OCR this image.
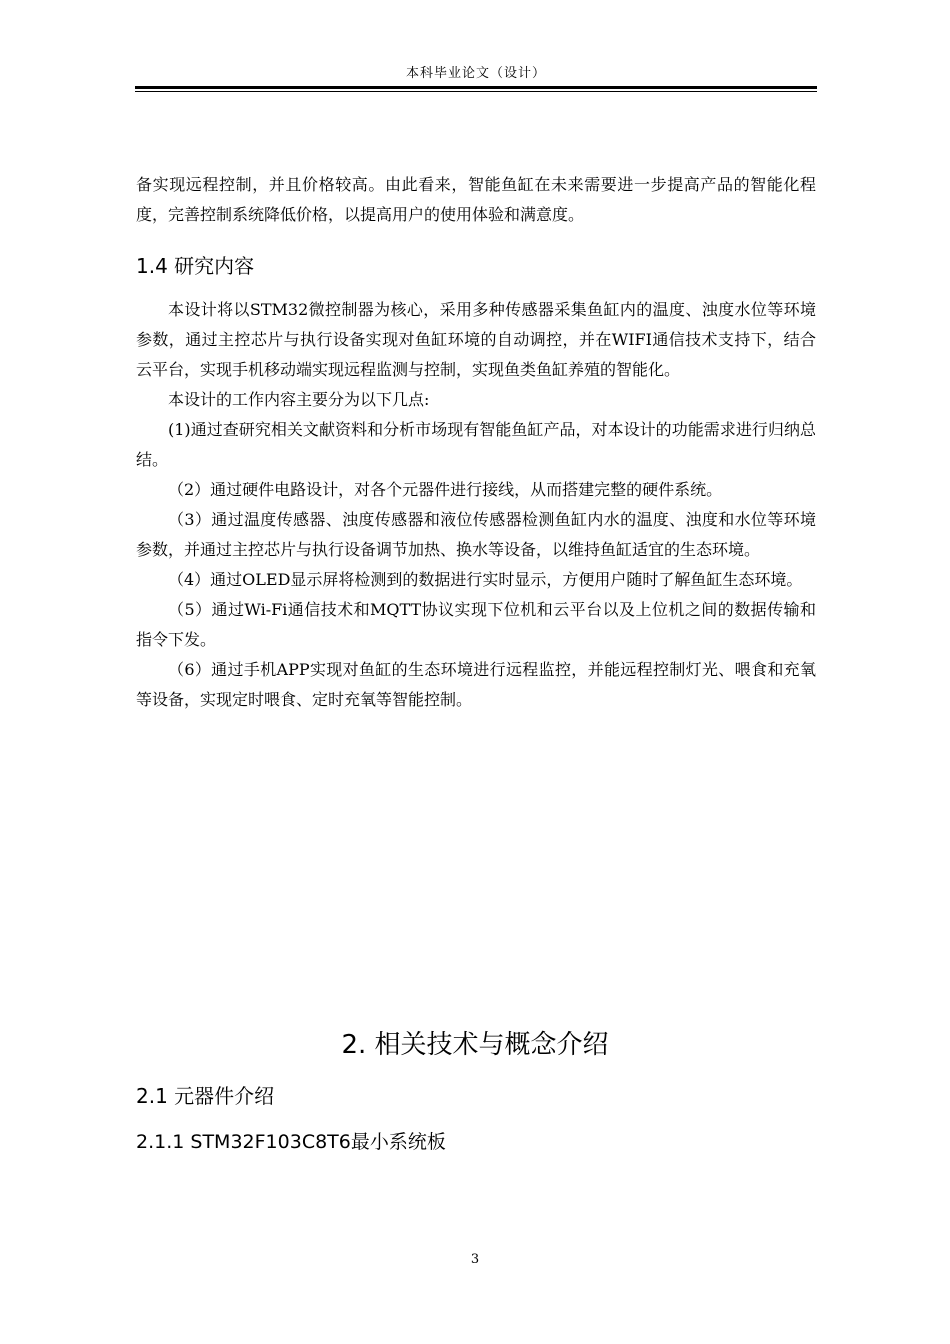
本科毕业论文（设计）

备实现远程控制，并且价格较高。由此看来，智能鱼缸在未来需要进一步提高产品的智能化程度，完善控制系统降低价格，以提高用户的使用体验和满意度。

1.4 研究内容

本设计将以STM32微控制器为核心，采用多种传感器采集鱼缸内的温度、浊度水位等环境参数，通过主控芯片与执行设备实现对鱼缸环境的自动调控，并在WIFI通信技术支持下，结合云平台，实现手机移动端实现远程监测与控制，实现鱼类鱼缸养殖的智能化。

本设计的工作内容主要分为以下几点:

(1)通过查研究相关文献资料和分析市场现有智能鱼缸产品，对本设计的功能需求进行归纳总结。

（2）通过硬件电路设计，对各个元器件进行接线，从而搭建完整的硬件系统。

（3）通过温度传感器、浊度传感器和液位传感器检测鱼缸内水的温度、浊度和水位等环境参数，并通过主控芯片与执行设备调节加热、换水等设备，以维持鱼缸适宜的生态环境。

（4）通过OLED显示屏将检测到的数据进行实时显示，方便用户随时了解鱼缸生态环境。

（5）通过Wi-Fi通信技术和MQTT协议实现下位机和云平台以及上位机之间的数据传输和指令下发。

（6）通过手机APP实现对鱼缸的生态环境进行远程监控，并能远程控制灯光、喂食和充氧等设备，实现定时喂食、定时充氧等智能控制。

2. 相关技术与概念介绍
2.1 元器件介绍
2.1.1 STM32F103C8T6最小系统板
3
